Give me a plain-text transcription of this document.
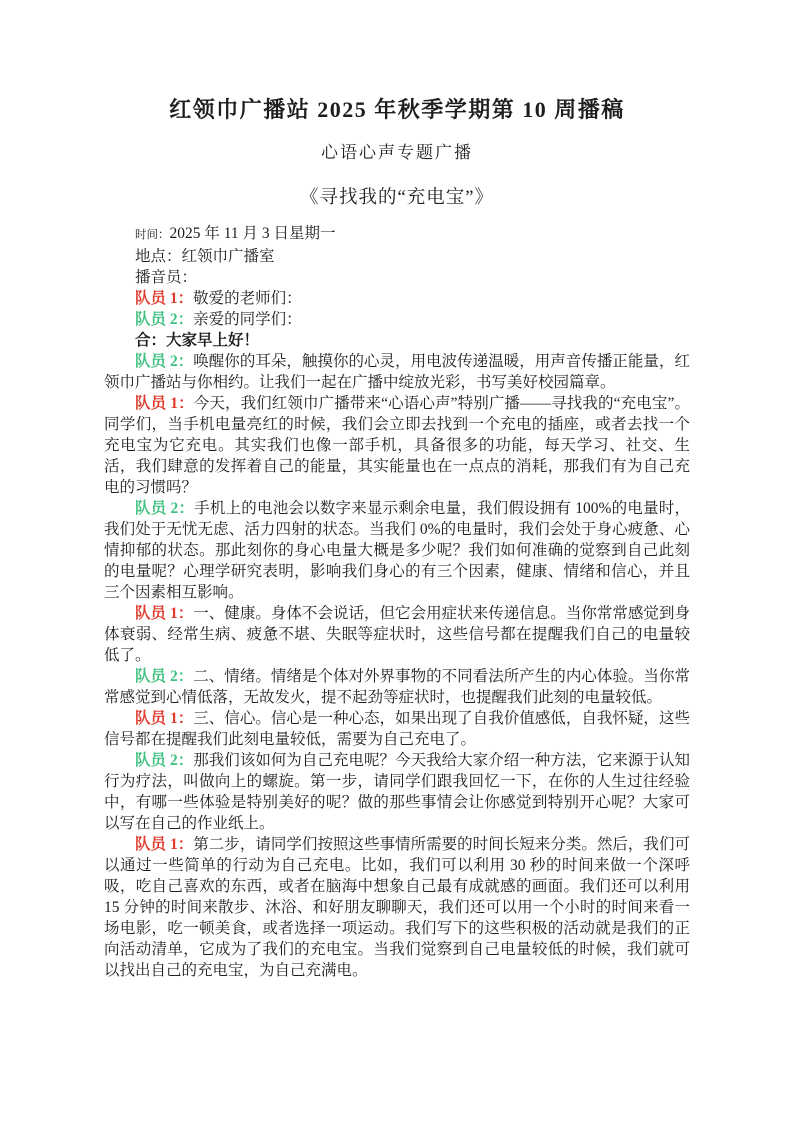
红领巾广播站 2025 年秋季学期第 10 周播稿
心语心声专题广播
《寻找我的“充电宝”》

时间：2025 年 11 月 3 日星期一

地点：红领巾广播室

播音员：

队员 1：敬爱的老师们：

队员 2：亲爱的同学们：

合：大家早上好！

队员 2：唤醒你的耳朵，触摸你的心灵，用电波传递温暖，用声音传播正能量，红领巾广播站与你相约。让我们一起在广播中绽放光彩，书写美好校园篇章。

队员 1：今天，我们红领巾广播带来“心语心声”特别广播——寻找我的“充电宝”。同学们，当手机电量亮红的时候，我们会立即去找到一个充电的插座，或者去找一个充电宝为它充电。其实我们也像一部手机，具备很多的功能，每天学习、社交、生活，我们肆意的发挥着自己的能量，其实能量也在一点点的消耗，那我们有为自己充电的习惯吗？

队员 2：手机上的电池会以数字来显示剩余电量，我们假设拥有 100%的电量时，我们处于无忧无虑、活力四射的状态。当我们 0%的电量时，我们会处于身心疲惫、心情抑郁的状态。那此刻你的身心电量大概是多少呢？我们如何准确的觉察到自己此刻的电量呢？心理学研究表明，影响我们身心的有三个因素，健康、情绪和信心，并且三个因素相互影响。

队员 1：一、健康。身体不会说话，但它会用症状来传递信息。当你常常感觉到身体衰弱、经常生病、疲惫不堪、失眠等症状时，这些信号都在提醒我们自己的电量较低了。

队员 2：二、情绪。情绪是个体对外界事物的不同看法所产生的内心体验。当你常常感觉到心情低落，无故发火，提不起劲等症状时，也提醒我们此刻的电量较低。

队员 1：三、信心。信心是一种心态，如果出现了自我价值感低，自我怀疑，这些信号都在提醒我们此刻电量较低，需要为自己充电了。

队员 2：那我们该如何为自己充电呢？今天我给大家介绍一种方法，它来源于认知行为疗法，叫做向上的螺旋。第一步，请同学们跟我回忆一下，在你的人生过往经验中，有哪一些体验是特别美好的呢？做的那些事情会让你感觉到特别开心呢？大家可以写在自己的作业纸上。

队员 1：第二步，请同学们按照这些事情所需要的时间长短来分类。然后，我们可以通过一些简单的行动为自己充电。比如，我们可以利用 30 秒的时间来做一个深呼吸，吃自己喜欢的东西，或者在脑海中想象自己最有成就感的画面。我们还可以利用 15 分钟的时间来散步、沐浴、和好朋友聊聊天，我们还可以用一个小时的时间来看一场电影，吃一顿美食，或者选择一项运动。我们写下的这些积极的活动就是我们的正向活动清单，它成为了我们的充电宝。当我们觉察到自己电量较低的时候，我们就可以找出自己的充电宝，为自己充满电。
